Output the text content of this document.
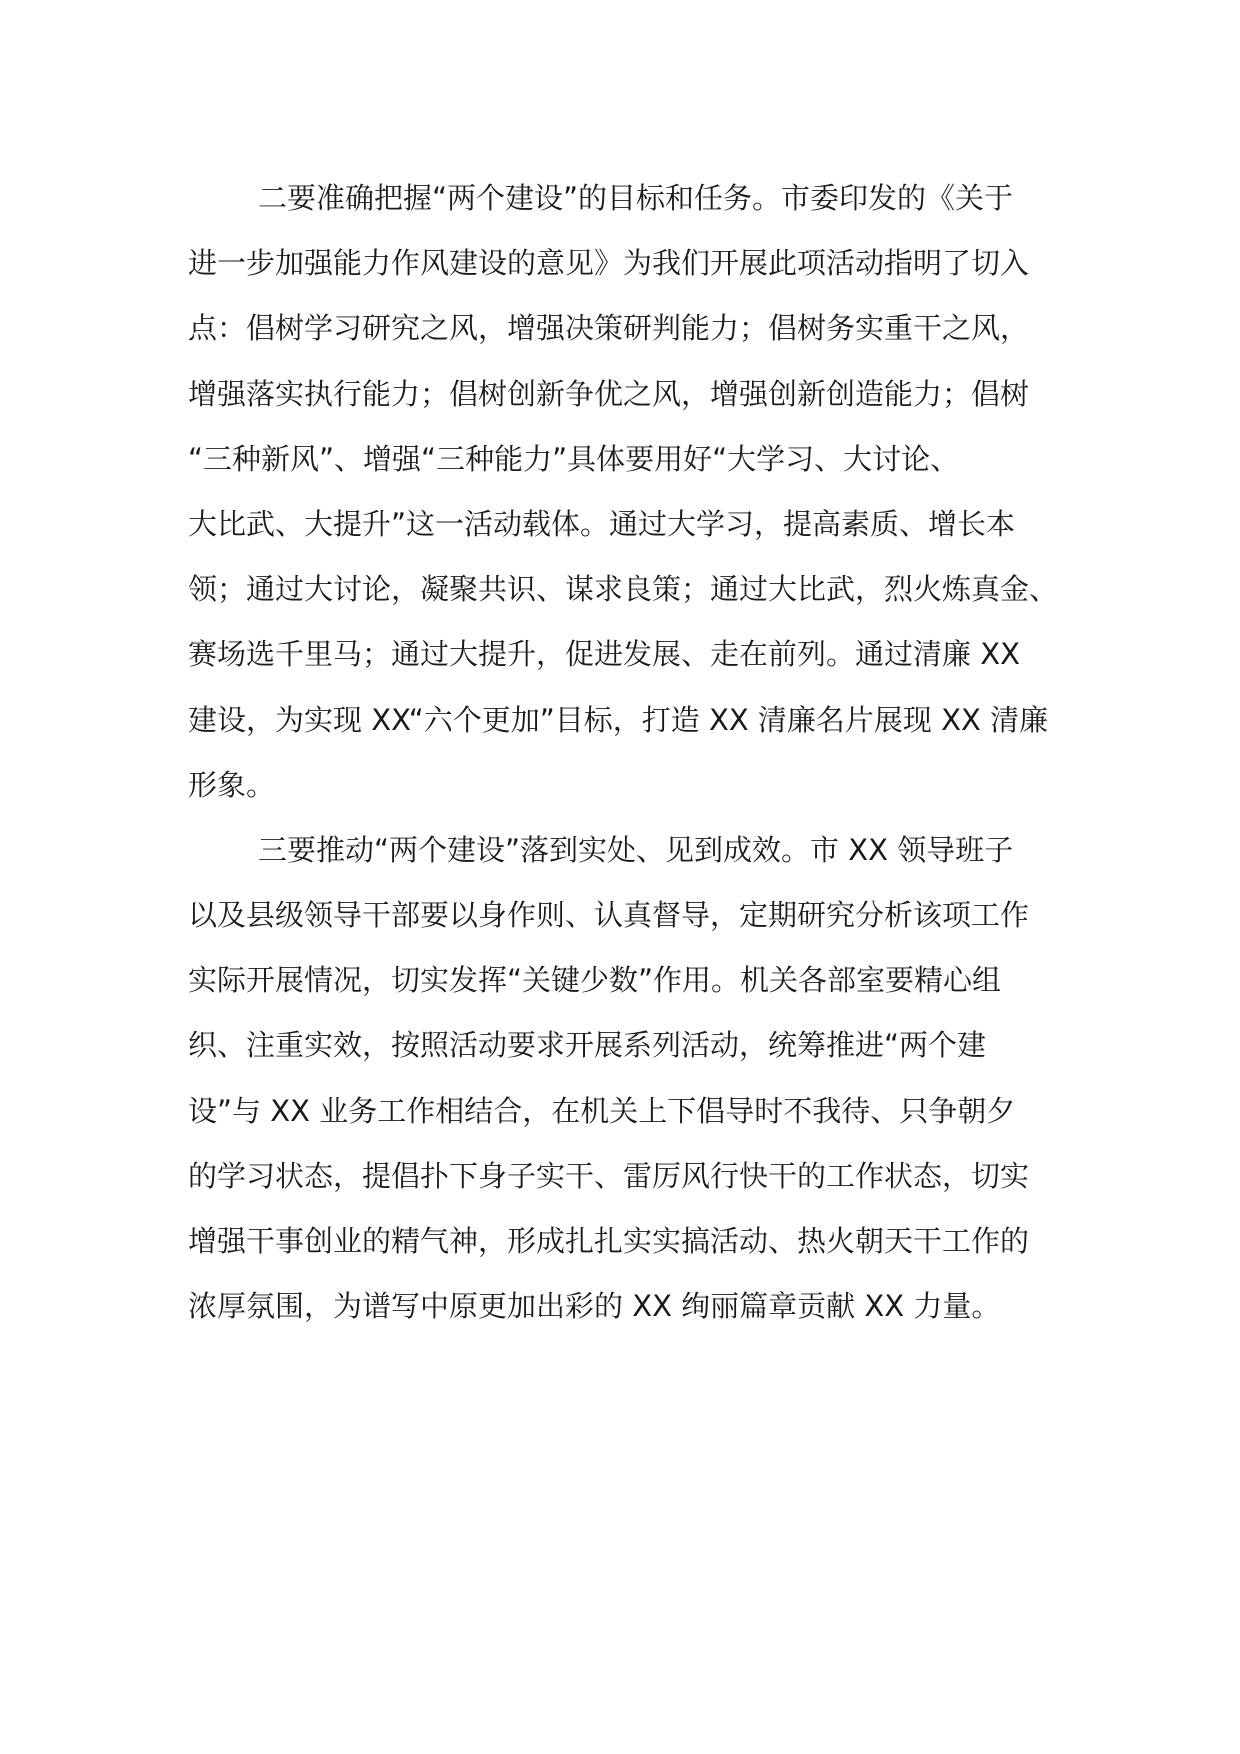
二要准确把握“两个建设”的目标和任务。市委印发的《关于
进一步加强能力作风建设的意见》为我们开展此项活动指明了切入
点：倡树学习研究之风，增强决策研判能力；倡树务实重干之风，
增强落实执行能力；倡树创新争优之风，增强创新创造能力；倡树
“三种新风”、增强“三种能力”具体要用好“大学习、大讨论、
大比武、大提升”这一活动载体。通过大学习，提高素质、增长本
领；通过大讨论，凝聚共识、谋求良策；通过大比武，烈火炼真金、
赛场选千里马；通过大提升，促进发展、走在前列。通过清廉 XX
建设，为实现 XX“六个更加”目标，打造 XX 清廉名片展现 XX 清廉
形象。
三要推动“两个建设”落到实处、见到成效。市 XX 领导班子
以及县级领导干部要以身作则、认真督导，定期研究分析该项工作
实际开展情况，切实发挥“关键少数”作用。机关各部室要精心组
织、注重实效，按照活动要求开展系列活动，统筹推进“两个建
设”与 XX 业务工作相结合，在机关上下倡导时不我待、只争朝夕
的学习状态，提倡扑下身子实干、雷厉风行快干的工作状态，切实
增强干事创业的精气神，形成扎扎实实搞活动、热火朝天干工作的
浓厚氛围，为谱写中原更加出彩的 XX 绚丽篇章贡献 XX 力量。
